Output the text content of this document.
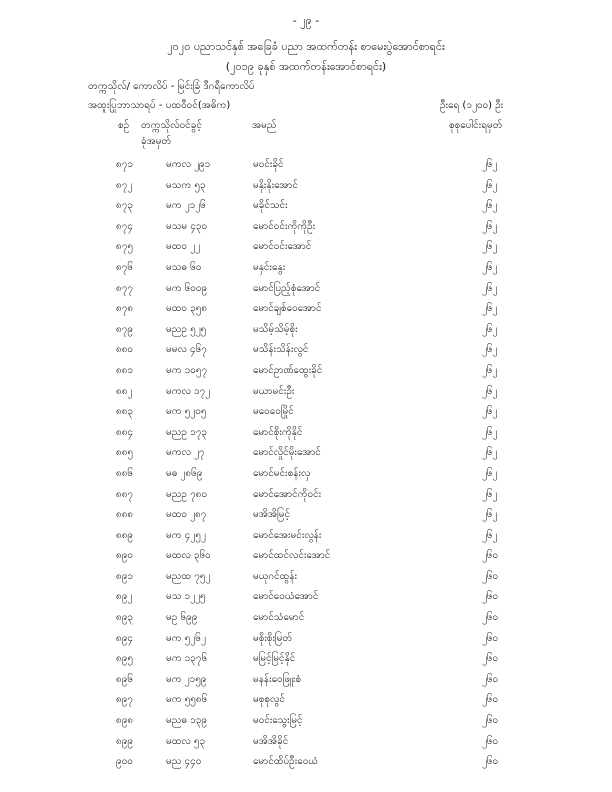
- ၂၉ -
၂၀၂၀ ပညာသင်နှစ် အခြေခံ ပညာ အထက်တန်း စာမေးပွဲအောင်စာရင်း
(၂၀၁၉ ခုနှစ် အထက်တန်းအောင်စာရင်း)
တက္ကသိုလ်/ ကောလိပ် - မြင်းခြံ ဒီဂရီကောလိပ်
အထူးပြုဘာသာရပ် - ပထဝီဝင်(အဓိက)	ဦးရေ (၁၂၀၀) ဦး
စဉ် တက္ကသိုလ်ဝင်ခွင့်
ခုံအမှတ်
အမည်	စုစုပေါင်းရမှတ်
၈၇၁	မကလ ၂၉၁	မဝင်းခိုင်	၂၆၂
၈၇၂	မသက ၅၃	မနိုးနိုးအောင်	၂၆၂
၈၇၃	မက ၂၁၂၆	မခိုင်သင်း	၂၆၂
၈၇၄	မသမ ၄၃၀	မောင်ဝင်းကိုကိုဦး	၂၆၂
၈၇၅	မထဝ ၂၂	မောင်ဝင်းအောင်	၂၆၂
၈၇၆	မသဓ ၆၀	မနှင်းနွေး	၂၆၂
၈၇၇	မက ၆၀၀၉	မောင်ပြည့်စုံအောင်	၂၆၂
၈၇၈	မထဝ ၃၅၈	မောင်ချစ်ဝေအောင်	၂၆၂
၈၇၉	မညဥ ၅၂၅	မသိမ့်သိမ့်စိုး	၂၆၂
၈၈၀	မမလ ၄၆၇	မသိန်းသိန်းလွင်	၂၆၂
၈၈၁	မက ၁၀၅၇	မောင်ဥာဏ်ထွေးခိုင်	၂၆၂
၈၈၂	မကလ ၁၇၂	မယာမင်းဦး	၂၆၂
၈၈၃	မက ၅၂၀၅	မဝေဝေမြိုင်	၂၆၂
၈၈၄	မညဥ ၁၇၃	မောင်စိုးကိုနိုင်	၂၆၂
၈၈၅	မကလ ၂၇	မောင်လှိုင်မိုးအောင်	၂၆၂
၈၈၆	မဓ ၂၈၆၉	မောင်မင်းစန်းလှ	၂၆၂
၈၈၇	မညဥ ၇၈၀	မောင်အောင်ကိုဝင်း	၂၆၂
၈၈၈	မထဝ ၂၈၇	မအိအိမြင့်	၂၆၂
၈၈၉	မက ၄၂၅၂	မောင်အေးမင်းလွန်း	၂၆၂
၈၉၀	မထလ ၃၆၀	မောင်ထင်လင်းအောင်	၂၆၀
၈၉၁	မညထ ၇၅၂	မယုဂင်ထွန်း	၂၆၀
၈၉၂	မသ ၁၂၂၅	မောင်ဝေယံအောင်	၂၆၀
၈၉၃	မဥ ၆၉၉	မောင်သံမောင်	၂၆၀
၈၉၄	မက ၅၂၆၂	မစိုးစိုးမြတ်	၂၆၀
၈၉၅	မက ၁၃၇၆	မမြင့်မြင့်နိုင်	၂၆၀
၈၉၆	မက ၂၁၅၉	မနန်းဝေဖြူးစံ	၂၆၀
၈၉၇	မက ၅၅၈၆	မစုစုလွင်	၂၆၀
၈၉၈	မညဓ ၁၃၉	မဝင်းသွေးမြင့်	၂၆၀
၈၉၉	မထလ ၅၃	မအိအိခိုင်	၂၆၀
၉၀၀	မည ၄၄၀	မောင်ထိပ်ဦးဝေယံ	၂၆၀
